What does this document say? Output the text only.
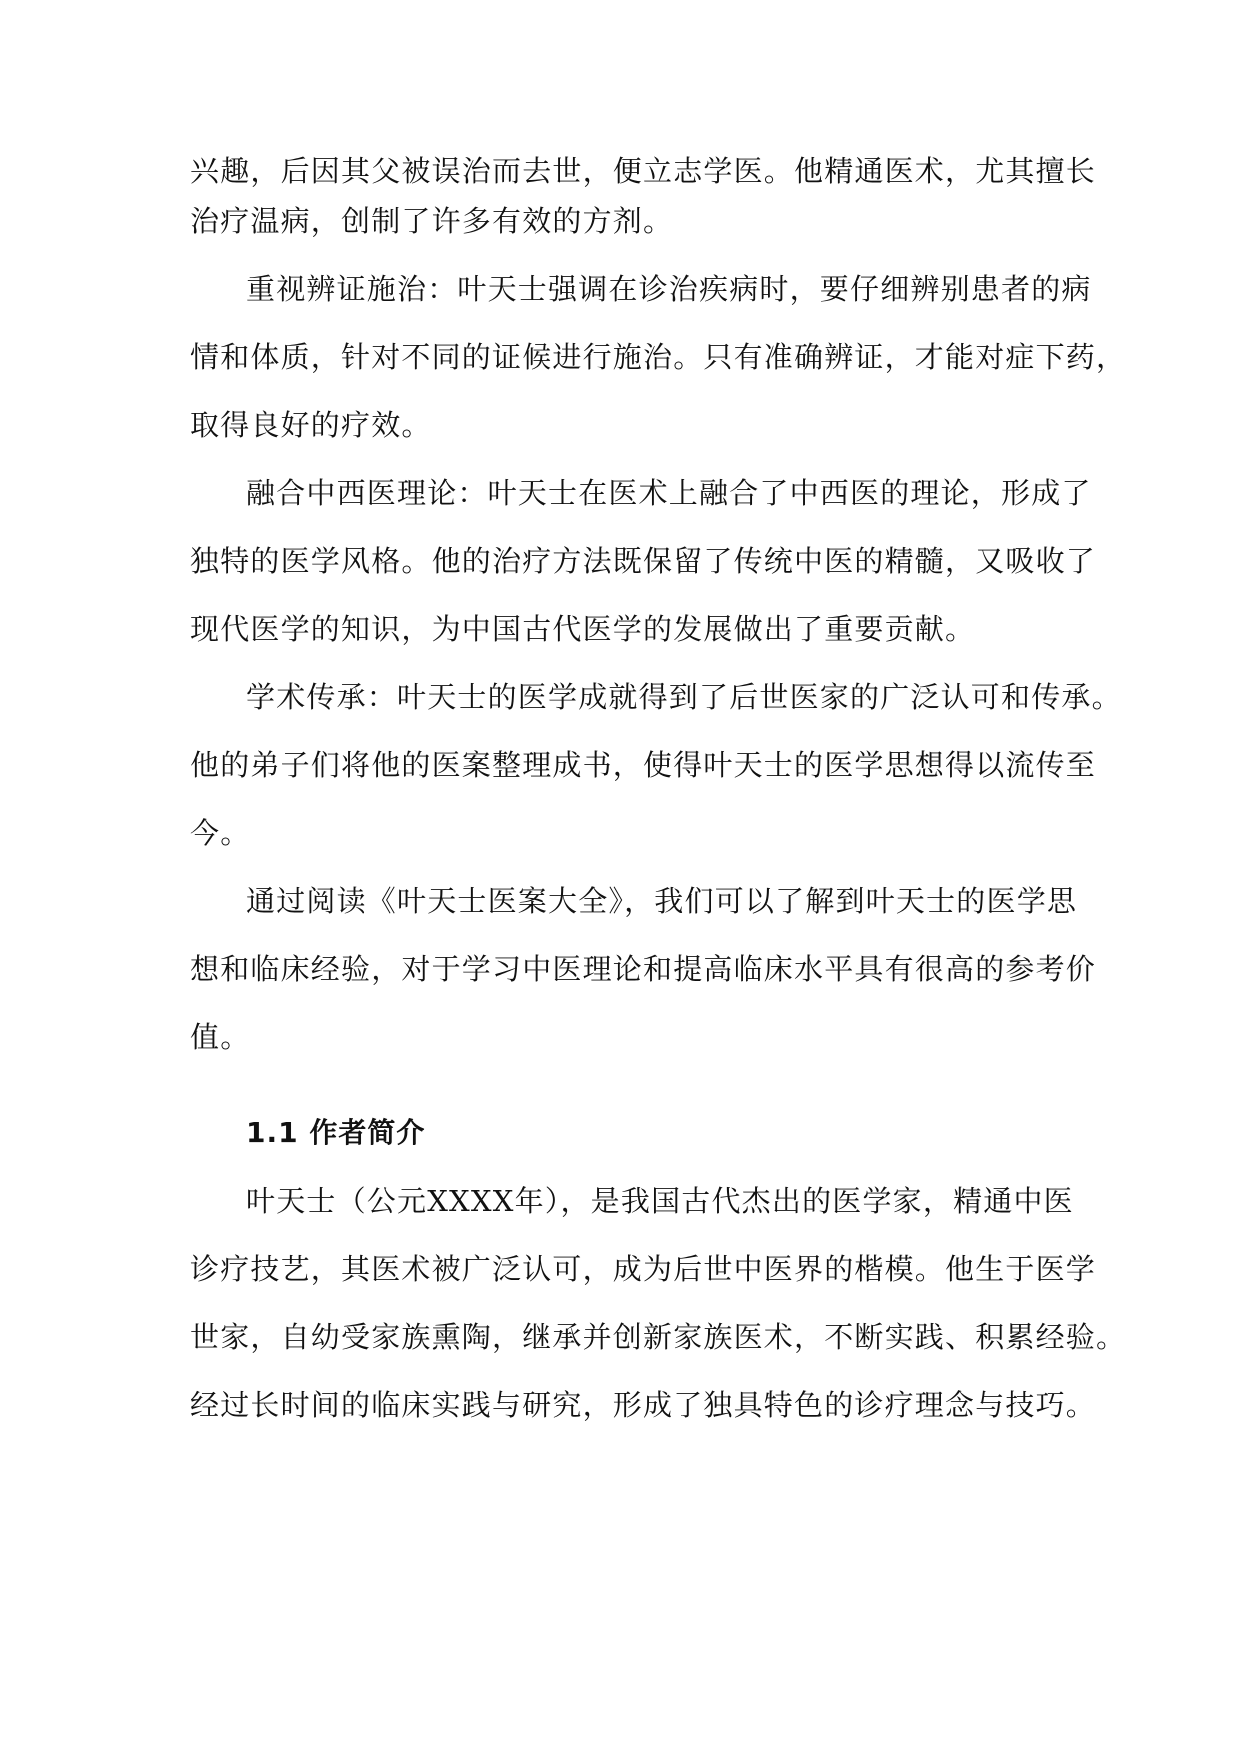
兴趣，后因其父被误治而去世，便立志学医。他精通医术，尤其擅长
治疗温病，创制了许多有效的方剂。
重视辨证施治：叶天士强调在诊治疾病时，要仔细辨别患者的病
情和体质，针对不同的证候进行施治。只有准确辨证，才能对症下药，
取得良好的疗效。
融合中西医理论：叶天士在医术上融合了中西医的理论，形成了
独特的医学风格。他的治疗方法既保留了传统中医的精髓，又吸收了
现代医学的知识，为中国古代医学的发展做出了重要贡献。
学术传承：叶天士的医学成就得到了后世医家的广泛认可和传承。
他的弟子们将他的医案整理成书，使得叶天士的医学思想得以流传至
今。
通过阅读《叶天士医案大全》，我们可以了解到叶天士的医学思
想和临床经验，对于学习中医理论和提高临床水平具有很高的参考价
值。
1.1 作者简介
叶天士（公元XXXX年），是我国古代杰出的医学家，精通中医
诊疗技艺，其医术被广泛认可，成为后世中医界的楷模。他生于医学
世家，自幼受家族熏陶，继承并创新家族医术，不断实践、积累经验。
经过长时间的临床实践与研究，形成了独具特色的诊疗理念与技巧。
